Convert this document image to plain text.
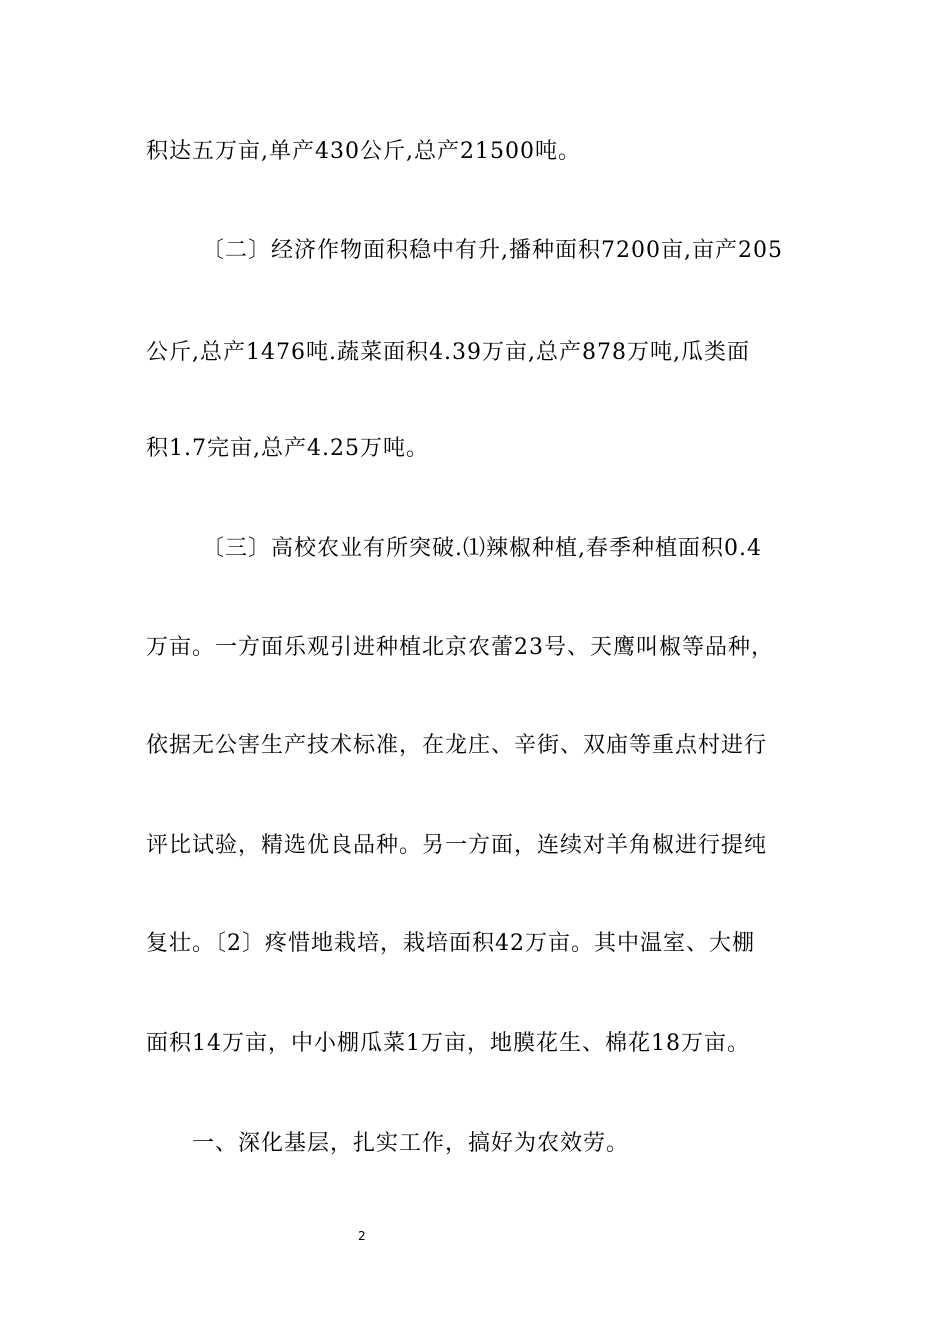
积达五万亩,单产430公斤,总产21500吨。
〔二〕经济作物面积稳中有升,播种面积7200亩,亩产205
公斤,总产1476吨.蔬菜面积4.39万亩,总产878万吨,瓜类面
积1.7完亩,总产4.25万吨。
〔三〕高校农业有所突破.⑴辣椒种植,春季种植面积0.4
万亩。一方面乐观引进种植北京农蕾23号、天鹰叫椒等品种，
依据无公害生产技术标准，在龙庄、辛街、双庙等重点村进行
评比试验，精选优良品种。另一方面，连续对羊角椒进行提纯
复壮。〔2〕疼惜地栽培，栽培面积42万亩。其中温室、大棚
面积14万亩，中小棚瓜菜1万亩，地膜花生、棉花18万亩。
一、深化基层，扎实工作，搞好为农效劳。
2
